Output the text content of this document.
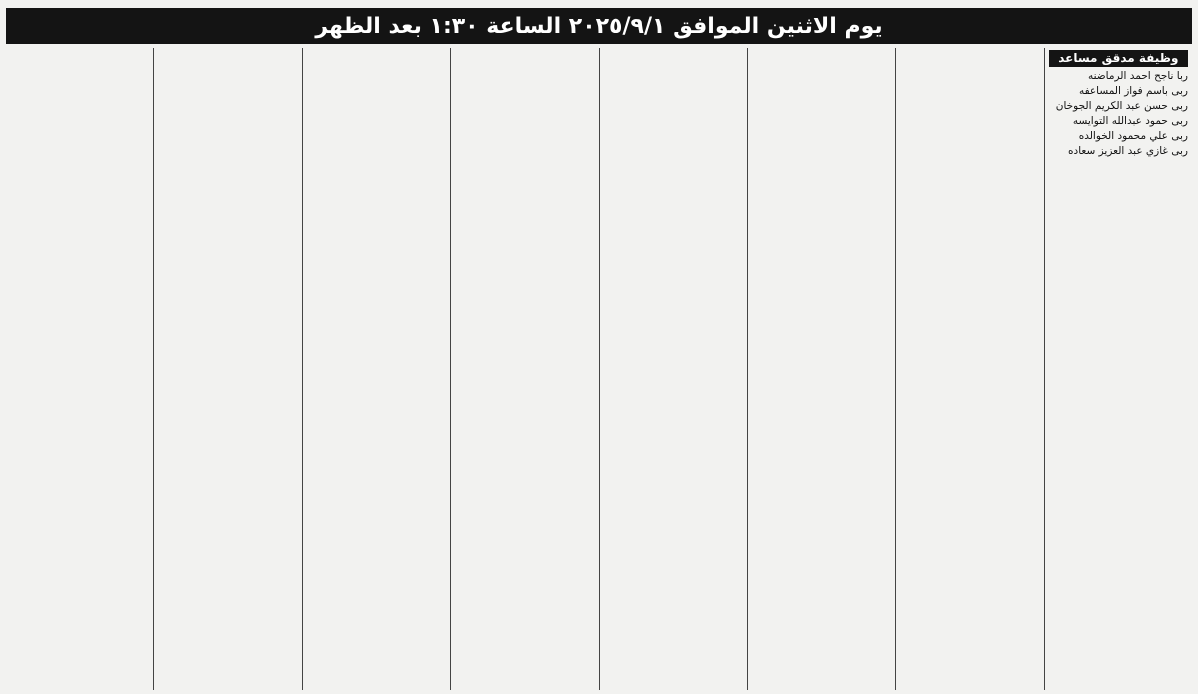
يوم الاثنين الموافق ٢٠٢٥/٩/١ الساعة ١:٣٠ بعد الظهر
وظيفة مدقق مساعد
ربا ناجح احمد الرماضنه
ربى باسم فواز المساعفه
ربى حسن عبد الكريم الجوخان
ربى حمود عبدالله التوايسه
ربى علي محمود الخوالده
ربى غازي عبد العزيز سعاده
